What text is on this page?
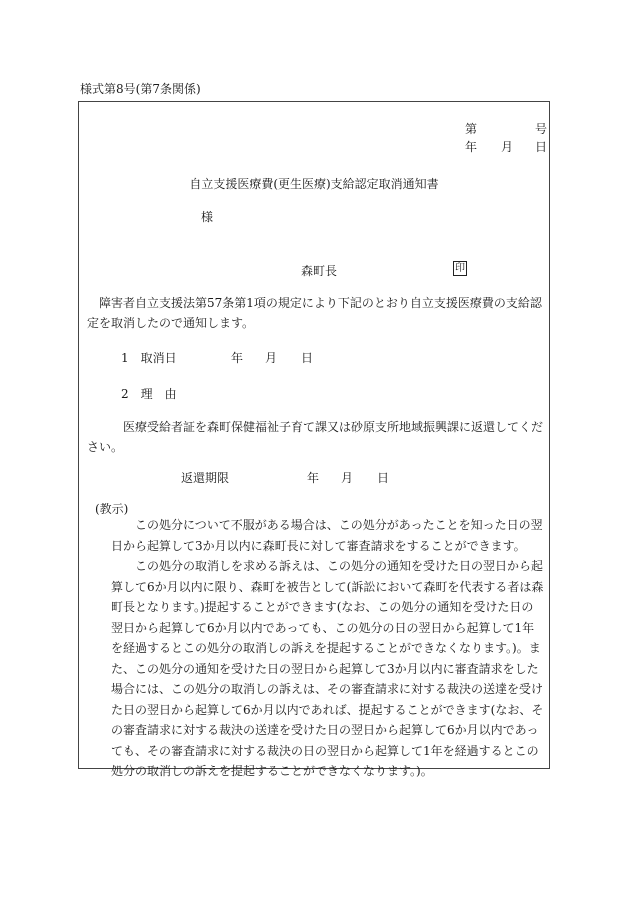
様式第8号(第7条関係)
第	号
年 月 日
自立支援医療費(更生医療)支給認定取消通知書
様
森町長	印

障害者自立支援法第57条第1項の規定により下記のとおり自立支援医療費の支給認定を取消したので通知します。

1　取消日	年 月 日
2　理　由

医療受給者証を森町保健福祉子育て課又は砂原支所地域振興課に返還してください。

返還期限	年 月 日
(教示)

この処分について不服がある場合は、この処分があったことを知った日の翌日から起算して3か月以内に森町長に対して審査請求をすることができます。

この処分の取消しを求める訴えは、この処分の通知を受けた日の翌日から起算して6か月以内に限り、森町を被告として(訴訟において森町を代表する者は森町長となります。)提起することができます(なお、この処分の通知を受けた日の翌日から起算して6か月以内であっても、この処分の日の翌日から起算して1年を経過するとこの処分の取消しの訴えを提起することができなくなります。)。また、この処分の通知を受けた日の翌日から起算して3か月以内に審査請求をした場合には、この処分の取消しの訴えは、その審査請求に対する裁決の送達を受けた日の翌日から起算して6か月以内であれば、提起することができます(なお、その審査請求に対する裁決の送達を受けた日の翌日から起算して6か月以内であっても、その審査請求に対する裁決の日の翌日から起算して1年を経過するとこの処分の取消しの訴えを提起することができなくなります。)。
